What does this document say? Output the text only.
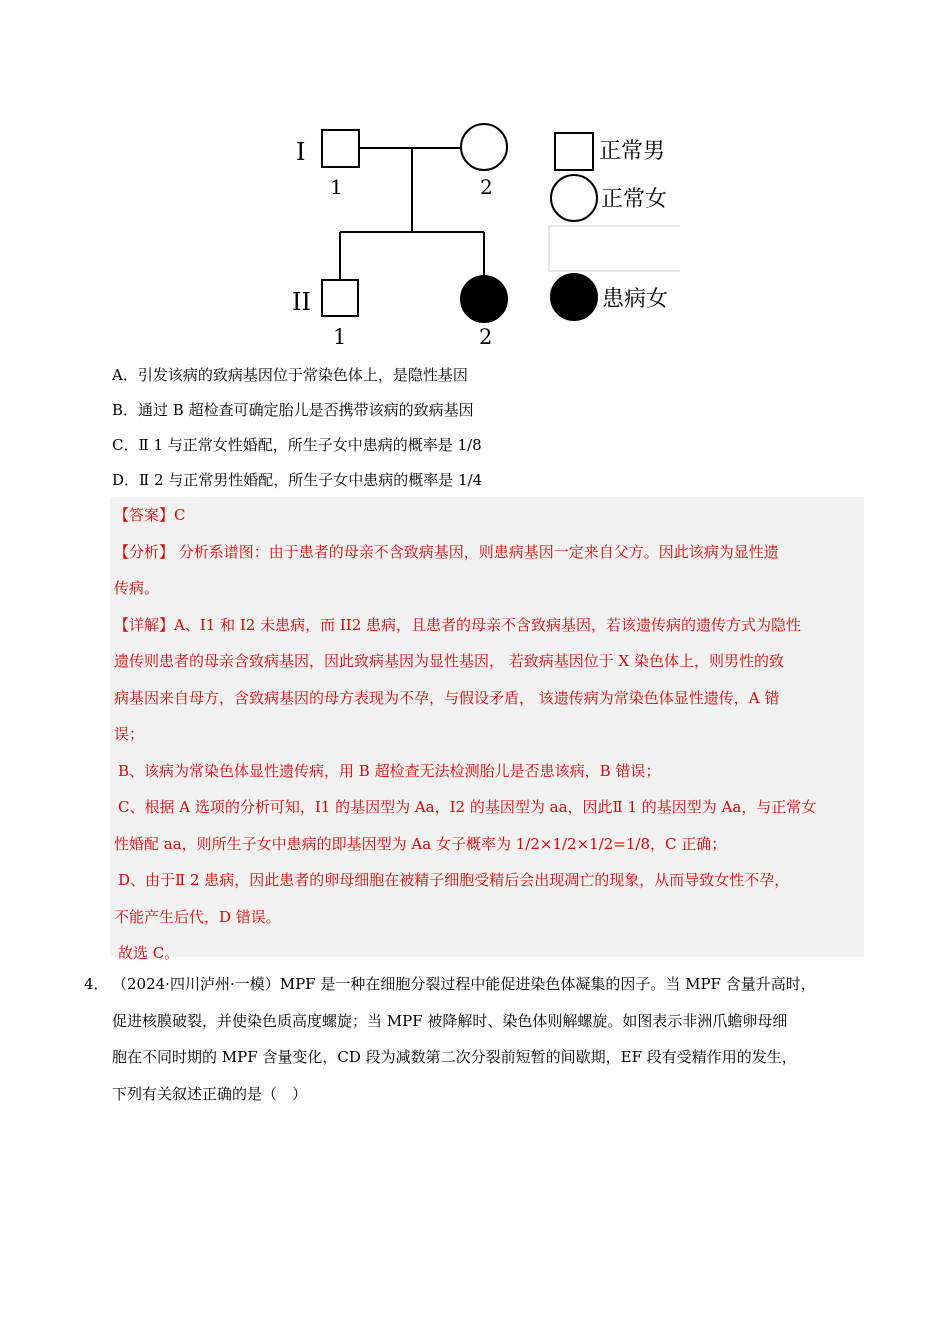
I
II
1	2
1	2
正常男
正常女
患病女
A．引发该病的致病基因位于常染色体上，是隐性基因
B．通过 B 超检查可确定胎儿是否携带该病的致病基因
C．Ⅱ 1 与正常女性婚配，所生子女中患病的概率是 1/8
D．Ⅱ 2 与正常男性婚配，所生子女中患病的概率是 1/4

【答案】C

【分析】 分析系谱图：由于患者的母亲不含致病基因，则患病基因一定来自父方。因此该病为显性遗

传病。

【详解】A、I1 和 I2 未患病，而 II2 患病，且患者的母亲不含致病基因，若该遗传病的遗传方式为隐性

遗传则患者的母亲含致病基因，因此致病基因为显性基因， 若致病基因位于 X 染色体上，则男性的致

病基因来自母方，含致病基因的母方表现为不孕，与假设矛盾， 该遗传病为常染色体显性遗传，A 错

误；

B、该病为常染色体显性遗传病，用 B 超检查无法检测胎儿是否患该病，B 错误；

C、根据 A 选项的分析可知，I1 的基因型为 Aa，I2 的基因型为 aa，因此Ⅱ 1 的基因型为 Aa，与正常女

性婚配 aa，则所生子女中患病的即基因型为 Aa 女子概率为 1/2×1/2×1/2=1/8，C 正确；

D、由于Ⅱ 2 患病，因此患者的卵母细胞在被精子细胞受精后会出现凋亡的现象，从而导致女性不孕，

不能产生后代，D 错误。

故选 C。

4． （2024·四川泸州·一模）MPF 是一种在细胞分裂过程中能促进染色体凝集的因子。当 MPF 含量升高时，
促进核膜破裂，并使染色质高度螺旋；当 MPF 被降解时、染色体则解螺旋。如图表示非洲爪蟾卵母细
胞在不同时期的 MPF 含量变化，CD 段为减数第二次分裂前短暂的间歇期，EF 段有受精作用的发生，
下列有关叙述正确的是（　）
